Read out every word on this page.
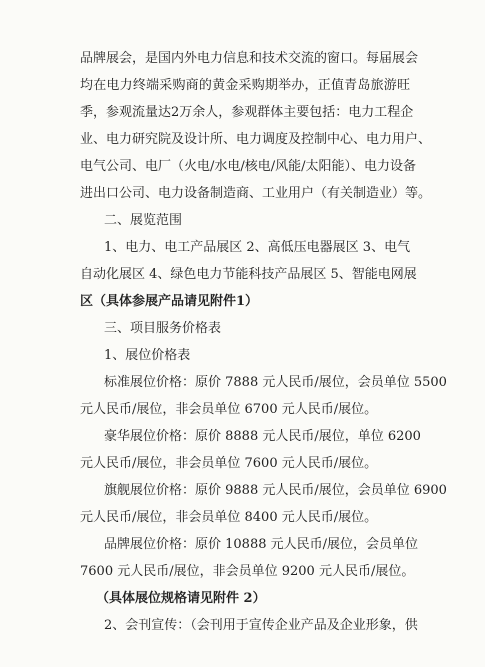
品牌展会，是国内外电力信息和技术交流的窗口。每届展会
均在电力终端采购商的黄金采购期举办，正值青岛旅游旺
季，参观流量达2万余人，参观群体主要包括：电力工程企
业、电力研究院及设计所、电力调度及控制中心、电力用户、
电气公司、电厂（火电/水电/核电/风能/太阳能）、电力设备
进出口公司、电力设备制造商、工业用户（有关制造业）等。
二、展览范围
1、电力、电工产品展区 2、高低压电器展区 3、电气
自动化展区 4、绿色电力节能科技产品展区 5、智能电网展
区（具体参展产品请见附件1）
三、项目服务价格表
1、展位价格表
标准展位价格：原价 7888 元人民币/展位，会员单位 5500
元人民币/展位，非会员单位 6700 元人民币/展位。
豪华展位价格：原价 8888 元人民币/展位，单位 6200
元人民币/展位，非会员单位 7600 元人民币/展位。
旗舰展位价格：原价 9888 元人民币/展位，会员单位 6900
元人民币/展位，非会员单位 8400 元人民币/展位。
品牌展位价格：原价 10888 元人民币/展位，会员单位
7600 元人民币/展位，非会员单位 9200 元人民币/展位。
（具体展位规格请见附件 2）
2、会刊宣传：（会刊用于宣传企业产品及企业形象，供
